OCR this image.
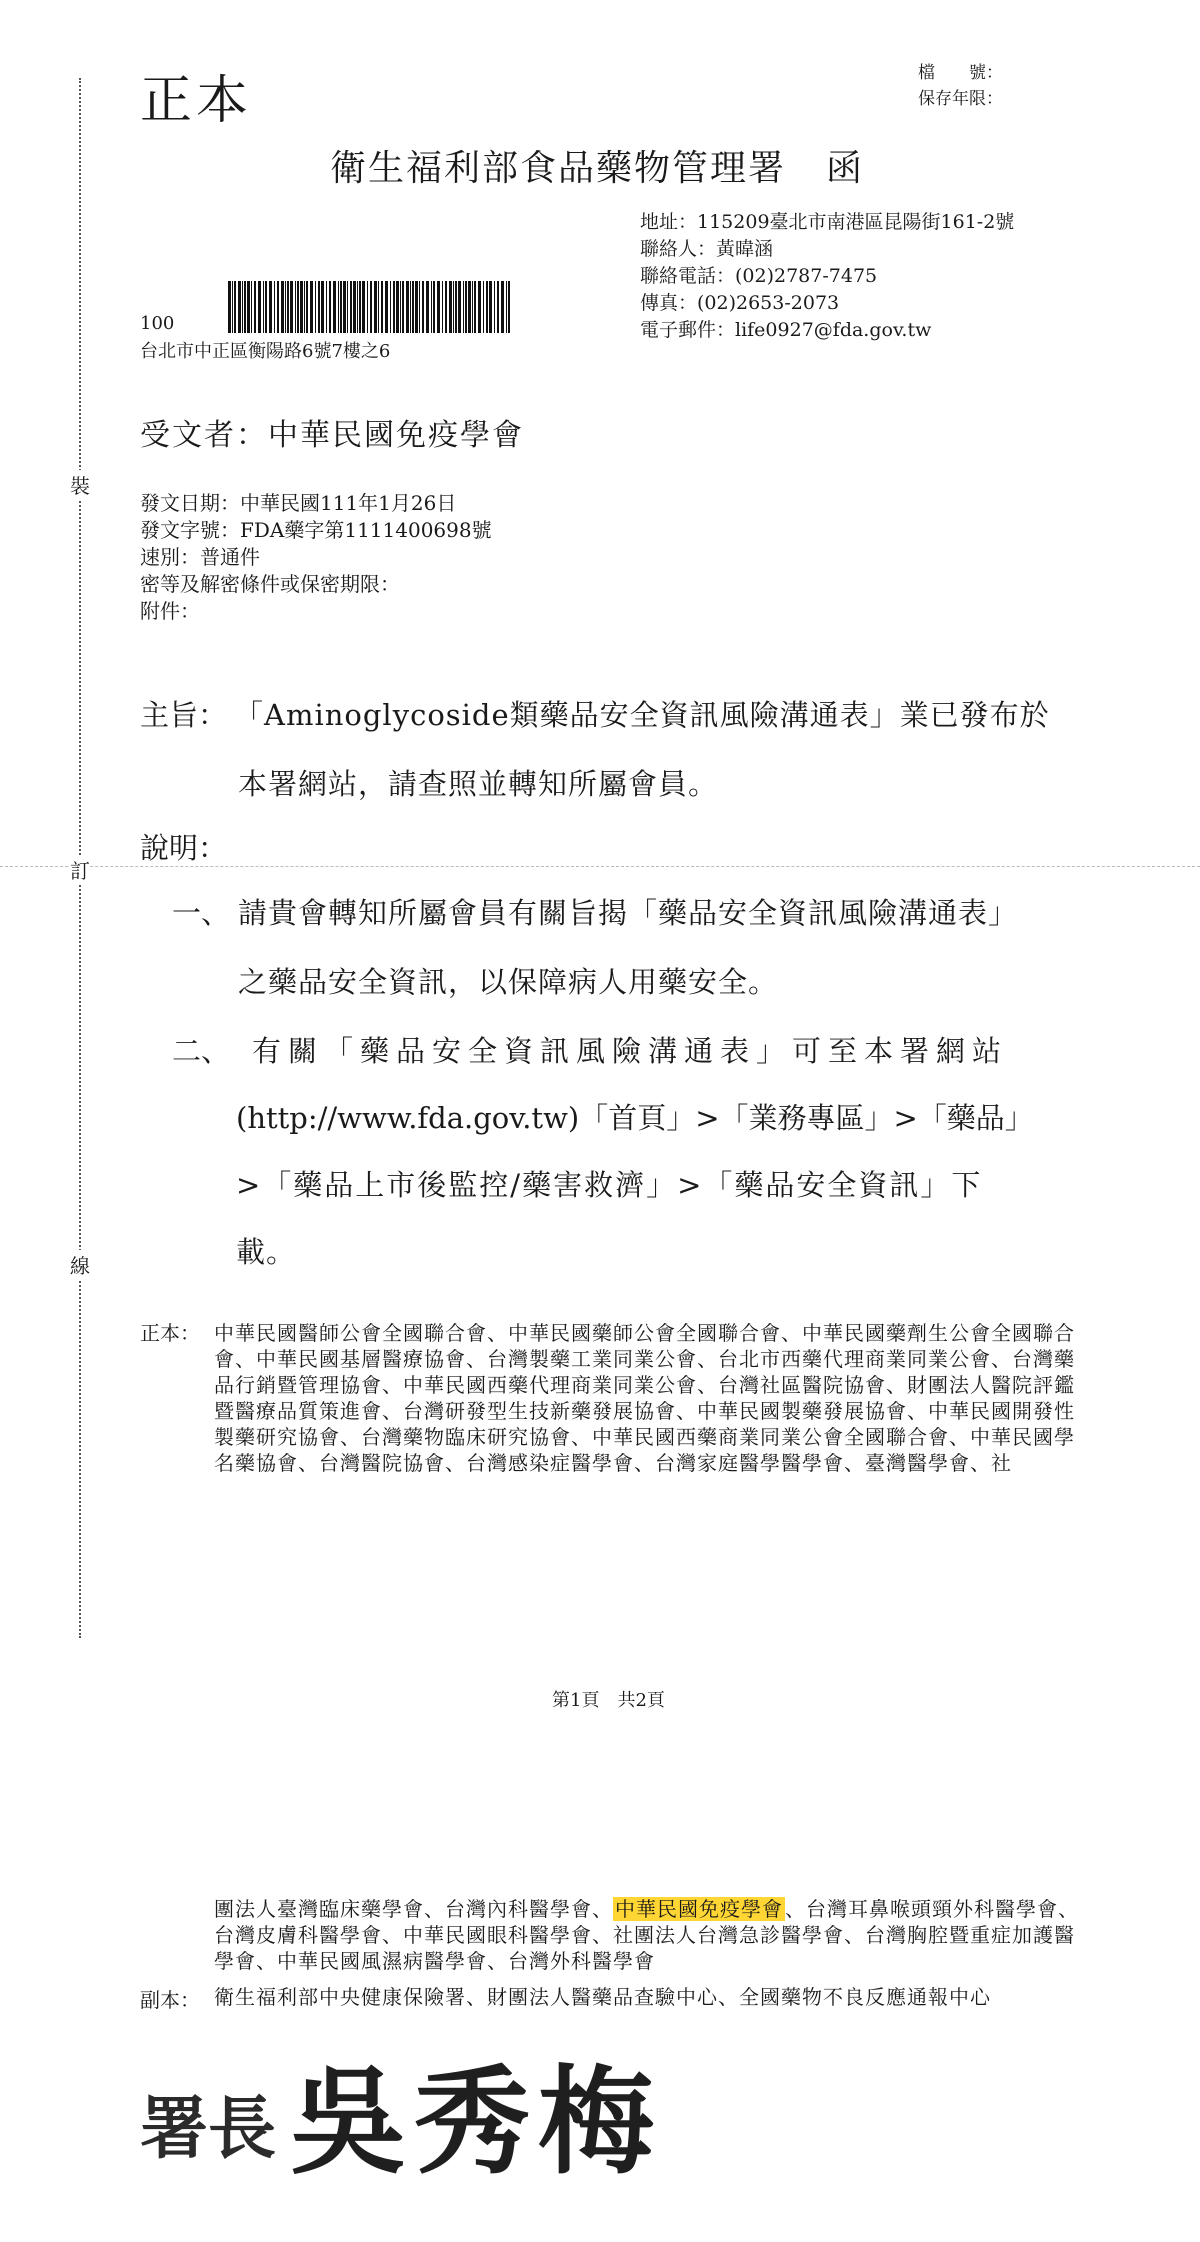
裝
訂
線
正本	檔　　號：
保存年限：
衛生福利部食品藥物管理署 函
地址：115209臺北市南港區昆陽街161-2號
聯絡人：黃暐涵
聯絡電話：(02)2787-7475
傳真：(02)2653-2073
電子郵件：life0927@fda.gov.tw
100
台北市中正區衡陽路6號7樓之6
受文者：中華民國免疫學會
發文日期：中華民國111年1月26日
發文字號：FDA藥字第1111400698號
速別：普通件
密等及解密條件或保密期限：
附件：
主旨： 「Aminoglycoside類藥品安全資訊風險溝通表」業已發布於
本署網站，請查照並轉知所屬會員。
說明：
一、 請貴會轉知所屬會員有關旨揭「藥品安全資訊風險溝通表」
之藥品安全資訊，以保障病人用藥安全。
二、 有關「藥品安全資訊風險溝通表」可至本署網站
(http://www.fda.gov.tw)「首頁」>「業務專區」>「藥品」
>「藥品上市後監控/藥害救濟」>「藥品安全資訊」下
載。
正本： 中華民國醫師公會全國聯合會、中華民國藥師公會全國聯合會、中華民國藥劑生公會全國聯合會、中華民國基層醫療協會、台灣製藥工業同業公會、台北市西藥代理商業同業公會、台灣藥品行銷暨管理協會、中華民國西藥代理商業同業公會、台灣社區醫院協會、財團法人醫院評鑑暨醫療品質策進會、台灣研發型生技新藥發展協會、中華民國製藥發展協會、中華民國開發性製藥研究協會、台灣藥物臨床研究協會、中華民國西藥商業同業公會全國聯合會、中華民國學名藥協會、台灣醫院協會、台灣感染症醫學會、台灣家庭醫學醫學會、臺灣醫學會、社
第1頁　共2頁
團法人臺灣臨床藥學會、台灣內科醫學會、 中華民國免疫學會 、台灣耳鼻喉頭頸外科醫學會、台灣皮膚科醫學會、中華民國眼科醫學會、社團法人台灣急診醫學會、台灣胸腔暨重症加護醫學會、中華民國風濕病醫學會、台灣外科醫學會
副本： 衛生福利部中央健康保險署、財團法人醫藥品查驗中心、全國藥物不良反應通報中心
署長 吳秀梅
